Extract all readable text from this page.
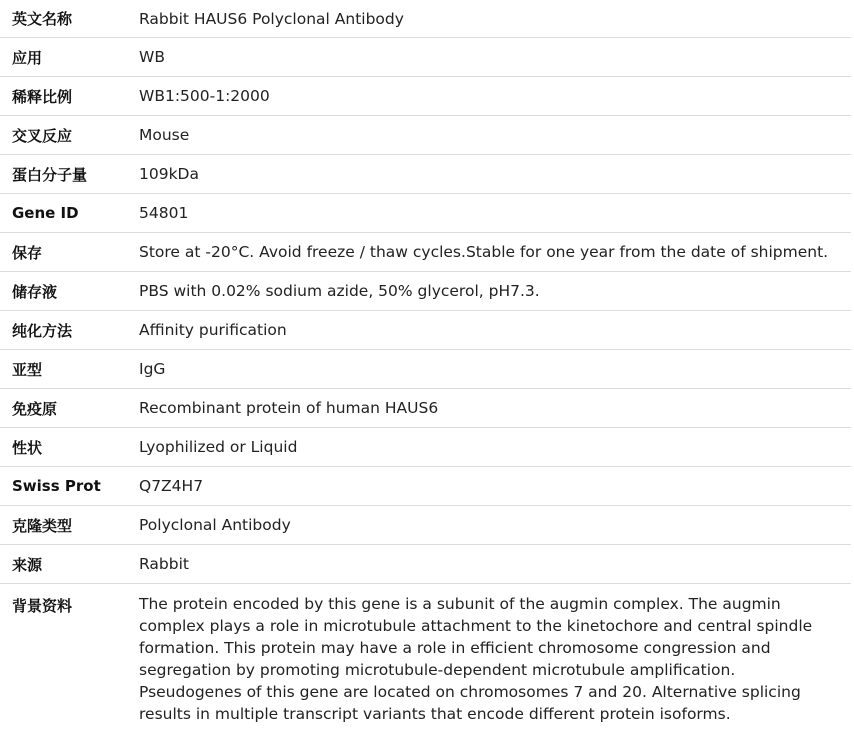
英文名称	Rabbit HAUS6 Polyclonal Antibody
应用	WB
稀释比例	WB1:500-1:2000
交叉反应	Mouse
蛋白分子量	109kDa
Gene ID	54801
保存	Store at -20°C. Avoid freeze / thaw cycles.Stable for one year from the date of shipment.
储存液	PBS with 0.02% sodium azide, 50% glycerol, pH7.3.
纯化方法	Affinity purification
亚型	IgG
免疫原	Recombinant protein of human HAUS6
性状	Lyophilized or Liquid
Swiss Prot	Q7Z4H7
克隆类型	Polyclonal Antibody
来源	Rabbit
背景资料	The protein encoded by this gene is a subunit of the augmin complex. The augmin complex plays a role in microtubule attachment to the kinetochore and central spindle formation. This protein may have a role in efficient chromosome congression and segregation by promoting microtubule-dependent microtubule amplification. Pseudogenes of this gene are located on chromosomes 7 and 20. Alternative splicing results in multiple transcript variants that encode different protein isoforms.
